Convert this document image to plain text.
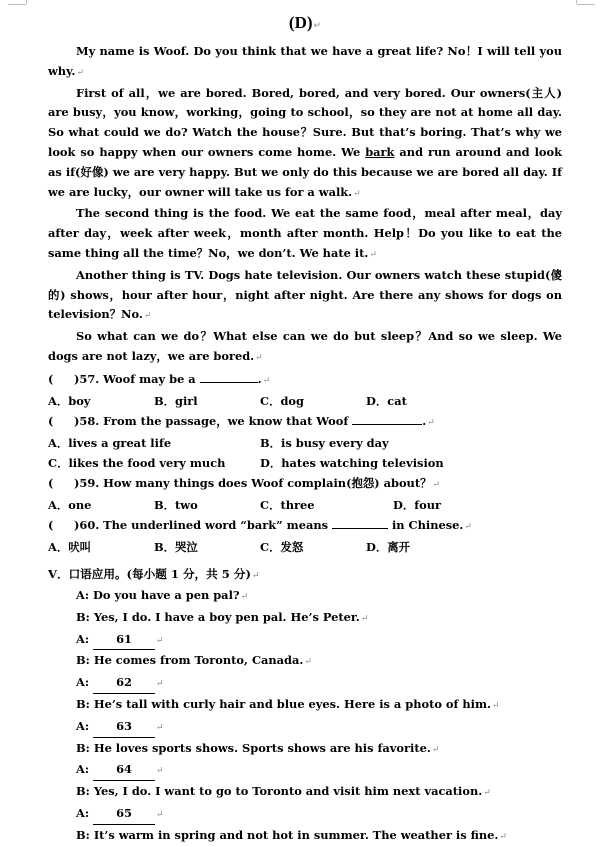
(D)↵

My name is Woof. Do you think that we have a great life? No！I will tell you why.↵

First of all，we are bored. Bored, bored, and very bored. Our owners(主人) are busy，you know，working，going to school，so they are not at home all day. So what could we do? Watch the house？Sure. But that’s boring. That’s why we look so happy when our owners come home. We bark and run around and look as if(好像) we are very happy. But we only do this because we are bored all day. If we are lucky，our owner will take us for a walk.↵

The second thing is the food. We eat the same food，meal after meal，day after day，week after week，month after month. Help！Do you like to eat the same thing all the time？No，we don’t. We hate it.↵

Another thing is TV. Dogs hate television. Our owners watch these stupid(傻的) shows，hour after hour，night after night. Are there any shows for dogs on television？No.↵

So what can we do？What else can we do but sleep？And so we sleep. We dogs are not lazy，we are bored.↵

( )57. Woof may be a	.↵
A．boy	B．girl	C．dog	D．cat
( )58. From the passage，we know that Woof	.↵
A．lives a great life	B．is busy every day
C．likes the food very much	D．hates watching television
( )59. How many things does Woof complain(抱怨) about？↵
A．one	B．two	C．three	D．four
( )60. The underlined word “bark” means	in Chinese.↵
A．吠叫	B．哭泣	C．发怒	D．离开
Ⅴ．口语应用。(每小题 1 分，共 5 分)↵
A: Do you have a pen pal?↵
B: Yes, I do. I have a boy pen pal. He’s Peter.↵
A: 61	↵
B: He comes from Toronto, Canada.↵
A: 62	↵
B: He’s tall with curly hair and blue eyes. Here is a photo of him.↵
A: 63	↵
B: He loves sports shows. Sports shows are his favorite.↵
A: 64	↵
B: Yes, I do. I want to go to Toronto and visit him next vacation.↵
A: 65	↵
B: It’s warm in spring and not hot in summer. The weather is fine.↵
